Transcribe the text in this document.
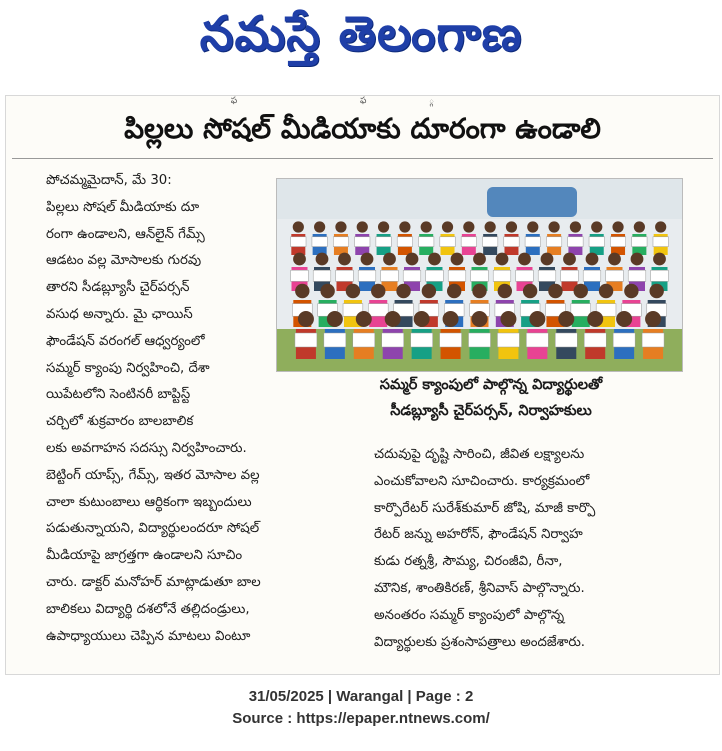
నమస్తే తెలంగాణ
ఫ ఫ ్గ
పిల్లలు సోషల్ మీడియాకు దూరంగా ఉండాలి
పోచమ్మమైదాన్, మే 30:
పిల్లలు సోషల్ మీడియాకు దూ
రంగా ఉండాలని, ఆన్‌లైన్ గేమ్స్
ఆడటం వల్ల మోసాలకు గురవు
తారని సీడబ్ల్యూసీ చైర్‌పర్సన్
వసుధ అన్నారు. మై ఛాయిస్
ఫౌండేషన్ వరంగల్ ఆధ్వర్యంలో
సమ్మర్ క్యాంపు నిర్వహించి, దేశా
యిపేటలోని సెంటినరీ బాప్టిస్ట్
చర్చిలో శుక్రవారం బాలబాలిక
లకు అవగాహన సదస్సు నిర్వహించారు.
బెట్టింగ్ యాప్స్, గేమ్స్, ఇతర మోసాల వల్ల
చాలా కుటుంబాలు ఆర్థికంగా ఇబ్బందులు
పడుతున్నాయని, విద్యార్థులందరూ సోషల్
మీడియాపై జాగ్రత్తగా ఉండాలని సూచిం
చారు. డాక్టర్ మనోహర్ మాట్లాడుతూ బాల
బాలికలు విద్యార్థి దశలోనే తల్లిదండ్రులు,
ఉపాధ్యాయులు చెప్పిన మాటలు వింటూ
సమ్మర్ క్యాంపులో పాల్గొన్న విద్యార్థులతో
సీడబ్ల్యూసీ చైర్‌పర్సన్, నిర్వాహకులు
చదువుపై దృష్టి సారించి, జీవిత లక్ష్యాలను
ఎంచుకోవాలని సూచించారు. కార్యక్రమంలో
కార్పొరేటర్ సురేశ్‌కుమార్ జోషి, మాజీ కార్పొ
రేటర్ జన్ను అహరోన్, ఫౌండేషన్ నిర్వాహ
కుడు రత్నశ్రీ, సౌమ్య, చిరంజీవి, రీనా,
మౌనిక, శాంతికిరణ్, శ్రీనివాస్ పాల్గొన్నారు.
అనంతరం సమ్మర్ క్యాంపులో పాల్గొన్న
విద్యార్థులకు ప్రశంసాపత్రాలు అందజేశారు.
31/05/2025 | Warangal | Page : 2
Source : https://epaper.ntnews.com/
